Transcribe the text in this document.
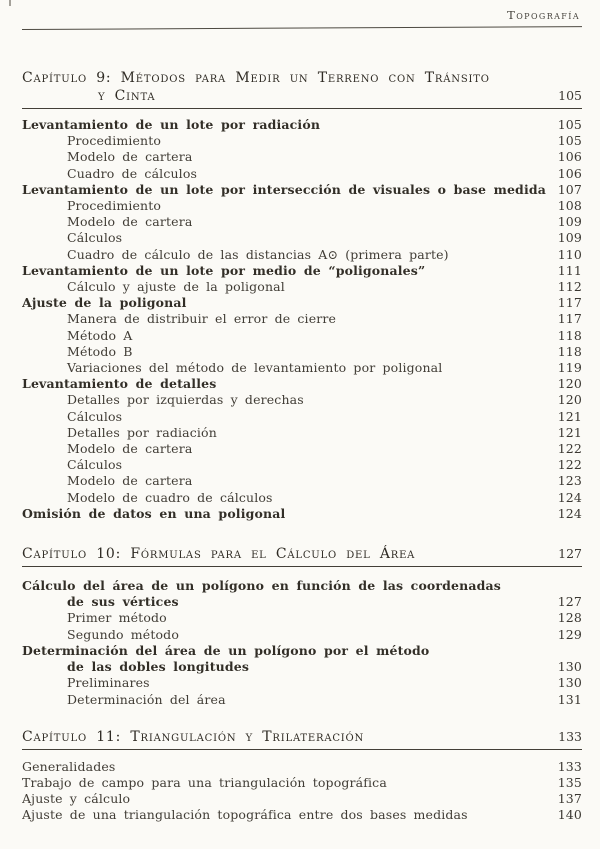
Topografía
Capítulo 9: Métodos para Medir un Terreno con Tránsito
y Cinta	105
Levantamiento de un lote por radiación	105
Procedimiento	105
Modelo de cartera	106
Cuadro de cálculos	106
Levantamiento de un lote por intersección de visuales o base medida 107
Procedimiento	108
Modelo de cartera	109
Cálculos	109
Cuadro de cálculo de las distancias A⊙ (primera parte)	110
Levantamiento de un lote por medio de “poligonales”	111
Cálculo y ajuste de la poligonal	112
Ajuste de la poligonal	117
Manera de distribuir el error de cierre	117
Método A	118
Método B	118
Variaciones del método de levantamiento por poligonal	119
Levantamiento de detalles	120
Detalles por izquierdas y derechas	120
Cálculos	121
Detalles por radiación	121
Modelo de cartera	122
Cálculos	122
Modelo de cartera	123
Modelo de cuadro de cálculos	124
Omisión de datos en una poligonal	124
Capítulo 10: Fórmulas para el Cálculo del Área	127
Cálculo del área de un polígono en función de las coordenadas
de sus vértices	127
Primer método	128
Segundo método	129
Determinación del área de un polígono por el método
de las dobles longitudes	130
Preliminares	130
Determinación del área	131
Capítulo 11: Triangulación y Trilateración	133
Generalidades	133
Trabajo de campo para una triangulación topográfica	135
Ajuste y cálculo	137
Ajuste de una triangulación topográfica entre dos bases medidas	140
